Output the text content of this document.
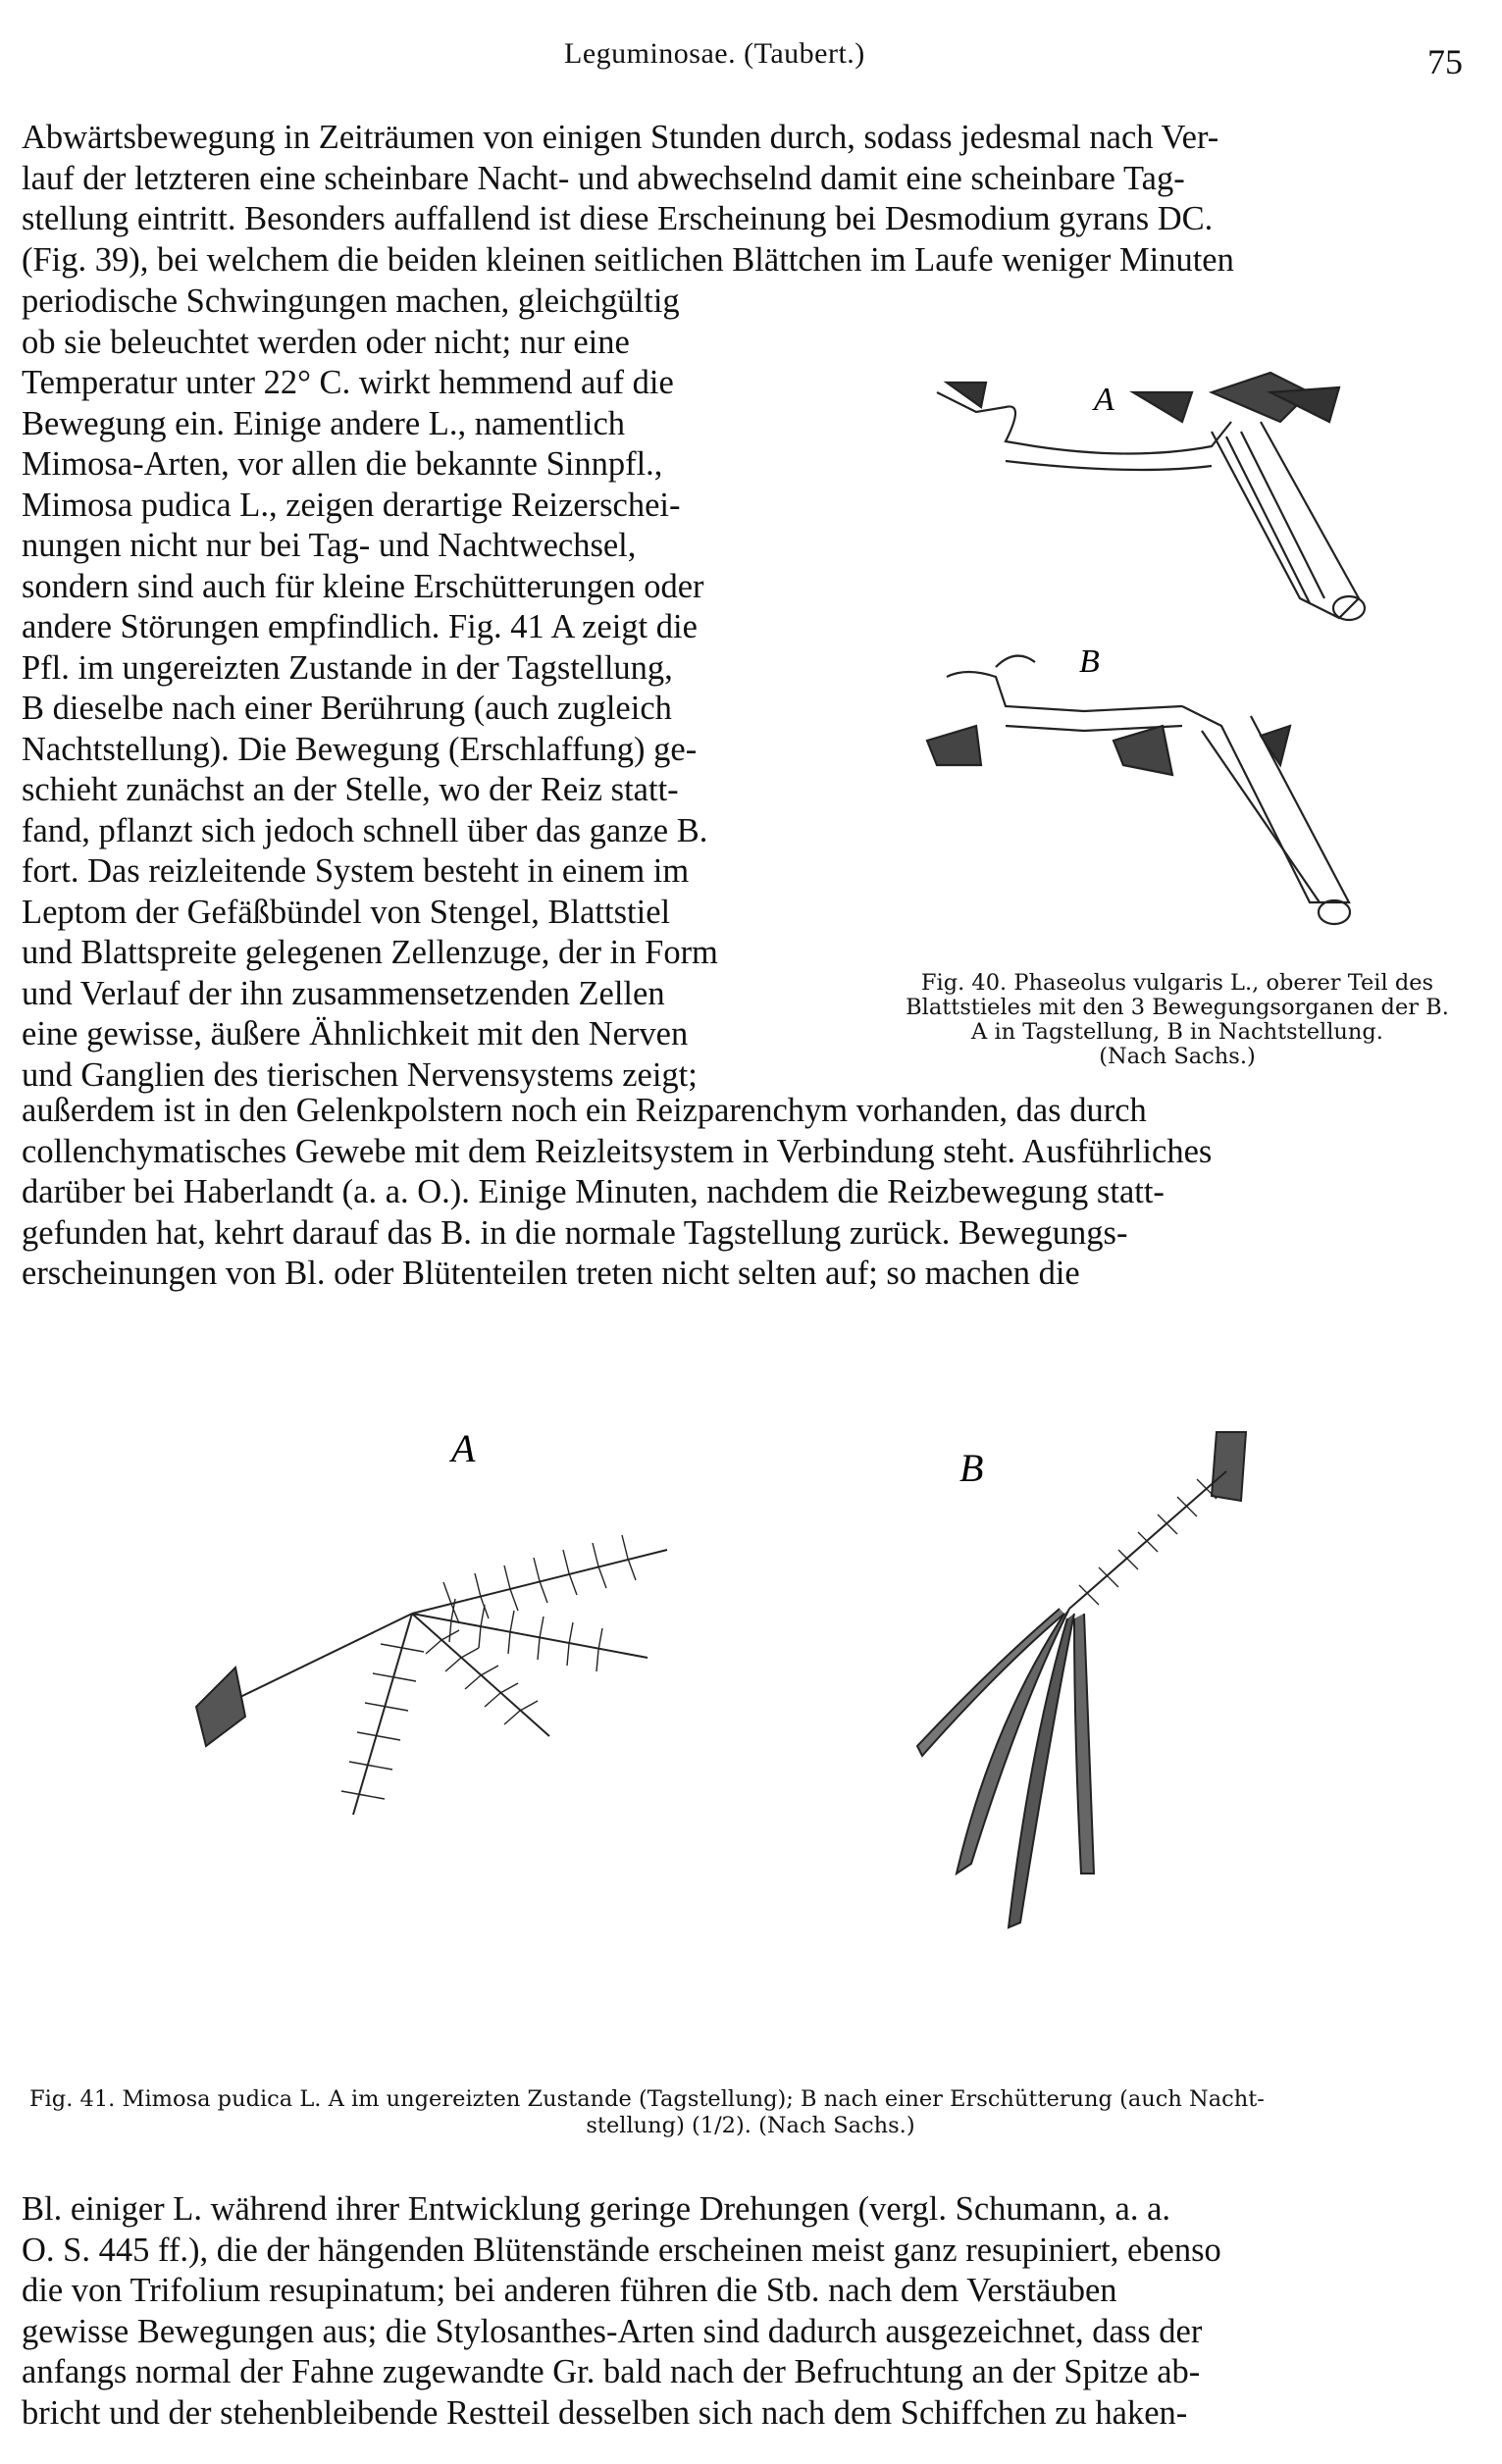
Leguminosae. (Taubert.)	75
Abwärtsbewegung in Zeiträumen von einigen Stunden durch, sodass jedesmal nach Ver-
lauf der letzteren eine scheinbare Nacht- und abwechselnd damit eine scheinbare Tag-
stellung eintritt. Besonders auffallend ist diese Erscheinung bei Desmodium gyrans DC.
(Fig. 39), bei welchem die beiden kleinen seitlichen Blättchen im Laufe weniger Minuten
periodische Schwingungen machen, gleichgültig
ob sie beleuchtet werden oder nicht; nur eine
Temperatur unter 22° C. wirkt hemmend auf die
Bewegung ein. Einige andere L., namentlich
Mimosa-Arten, vor allen die bekannte Sinnpfl.,
Mimosa pudica L., zeigen derartige Reizerschei-
nungen nicht nur bei Tag- und Nachtwechsel,
sondern sind auch für kleine Erschütterungen oder
andere Störungen empfindlich. Fig. 41 A zeigt die
Pfl. im ungereizten Zustande in der Tagstellung,
B dieselbe nach einer Berührung (auch zugleich
Nachtstellung). Die Bewegung (Erschlaffung) ge-
schieht zunächst an der Stelle, wo der Reiz statt-
fand, pflanzt sich jedoch schnell über das ganze B.
fort. Das reizleitende System besteht in einem im
Leptom der Gefäßbündel von Stengel, Blattstiel
und Blattspreite gelegenen Zellenzuge, der in Form
und Verlauf der ihn zusammensetzenden Zellen
eine gewisse, äußere Ähnlichkeit mit den Nerven
und Ganglien des tierischen Nervensystems zeigt;
A
B
Fig. 40. Phaseolus vulgaris L., oberer Teil des
Blattstieles mit den 3 Bewegungsorganen der B.
A in Tagstellung, B in Nachtstellung.
(Nach Sachs.)
außerdem ist in den Gelenkpolstern noch ein Reizparenchym vorhanden, das durch
collenchymatisches Gewebe mit dem Reizleitsystem in Verbindung steht. Ausführliches
darüber bei Haberlandt (a. a. O.). Einige Minuten, nachdem die Reizbewegung statt-
gefunden hat, kehrt darauf das B. in die normale Tagstellung zurück. Bewegungs-
erscheinungen von Bl. oder Blütenteilen treten nicht selten auf; so machen die
A	B
Fig. 41. Mimosa pudica L. A im ungereizten Zustande (Tagstellung); B nach einer Erschütterung (auch Nacht-
stellung) (1/2). (Nach Sachs.)
Bl. einiger L. während ihrer Entwicklung geringe Drehungen (vergl. Schumann, a. a.
O. S. 445 ff.), die der hängenden Blütenstände erscheinen meist ganz resupiniert, ebenso
die von Trifolium resupinatum; bei anderen führen die Stb. nach dem Verstäuben
gewisse Bewegungen aus; die Stylosanthes-Arten sind dadurch ausgezeichnet, dass der
anfangs normal der Fahne zugewandte Gr. bald nach der Befruchtung an der Spitze ab-
bricht und der stehenbleibende Restteil desselben sich nach dem Schiffchen zu haken-
